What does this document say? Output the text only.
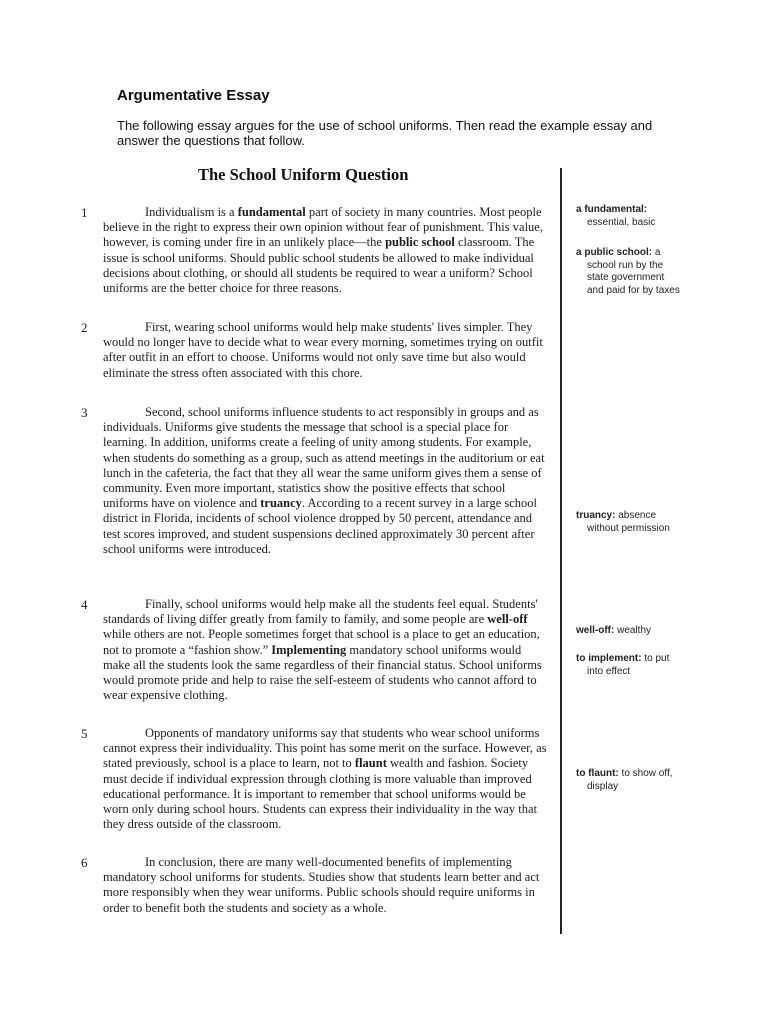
Argumentative Essay

The following essay argues for the use of school uniforms. Then read the example essay and answer the questions that follow.

The School Uniform Question
1	Individualism is a fundamental part of society in many countries. Most people believe in the right to express their own opinion without fear of punishment. This value, however, is coming under fire in an unlikely place—the public school classroom. The issue is school uniforms. Should public school students be allowed to make individual decisions about clothing, or should all students be required to wear a uniform? School uniforms are the better choice for three reasons.
2	First, wearing school uniforms would help make students' lives simpler. They would no longer have to decide what to wear every morning, sometimes trying on outfit after outfit in an effort to choose. Uniforms would not only save time but also would eliminate the stress often associated with this chore.
3	Second, school uniforms influence students to act responsibly in groups and as individuals. Uniforms give students the message that school is a special place for learning. In addition, uniforms create a feeling of unity among students. For example, when students do something as a group, such as attend meetings in the auditorium or eat lunch in the cafeteria, the fact that they all wear the same uniform gives them a sense of community. Even more important, statistics show the positive effects that school uniforms have on violence and truancy. According to a recent survey in a large school district in Florida, incidents of school violence dropped by 50 percent, attendance and test scores improved, and student suspensions declined approximately 30 percent after school uniforms were introduced.
4	Finally, school uniforms would help make all the students feel equal. Students' standards of living differ greatly from family to family, and some people are well-off while others are not. People sometimes forget that school is a place to get an education, not to promote a “fashion show.” Implementing mandatory school uniforms would make all the students look the same regardless of their financial status. School uniforms would promote pride and help to raise the self-esteem of students who cannot afford to wear expensive clothing.
5	Opponents of mandatory uniforms say that students who wear school uniforms cannot express their individuality. This point has some merit on the surface. However, as stated previously, school is a place to learn, not to flaunt wealth and fashion. Society must decide if individual expression through clothing is more valuable than improved educational performance. It is important to remember that school uniforms would be worn only during school hours. Students can express their individuality in the way that they dress outside of the classroom.
6	In conclusion, there are many well-documented benefits of implementing mandatory school uniforms for students. Studies show that students learn better and act more responsibly when they wear uniforms. Public schools should require uniforms in order to benefit both the students and society as a whole.
a fundamental:
essential, basic
a public school: a
school run by the
state government
and paid for by taxes
truancy: absence
without permission
well-off: wealthy
to implement: to put
into effect
to flaunt: to show off,
display
